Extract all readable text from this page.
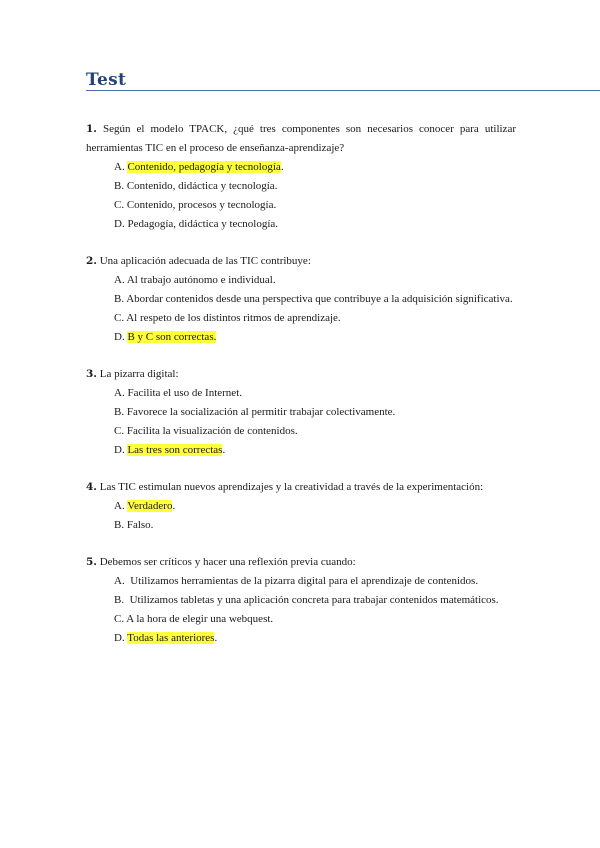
Test

1. Según el modelo TPACK, ¿qué tres componentes son necesarios conocer para utilizar herramientas TIC en el proceso de enseñanza-aprendizaje?

A. Contenido, pedagogía y tecnología.
B. Contenido, didáctica y tecnología.
C. Contenido, procesos y tecnología.
D. Pedagogía, didáctica y tecnología.

2. Una aplicación adecuada de las TIC contribuye:

A. Al trabajo autónomo e individual.
B. Abordar contenidos desde una perspectiva que contribuye a la adquisición significativa.
C. Al respeto de los distintos ritmos de aprendizaje.
D. B y C son correctas.

3. La pizarra digital:

A. Facilita el uso de Internet.
B. Favorece la socialización al permitir trabajar colectivamente.
C. Facilita la visualización de contenidos.
D. Las tres son correctas.

4. Las TIC estimulan nuevos aprendizajes y la creatividad a través de la experimentación:

A. Verdadero.
B. Falso.

5. Debemos ser críticos y hacer una reflexión previa cuando:

A.  Utilizamos herramientas de la pizarra digital para el aprendizaje de contenidos.
B.  Utilizamos tabletas y una aplicación concreta para trabajar contenidos matemáticos.
C. A la hora de elegir una webquest.
D. Todas las anteriores.
